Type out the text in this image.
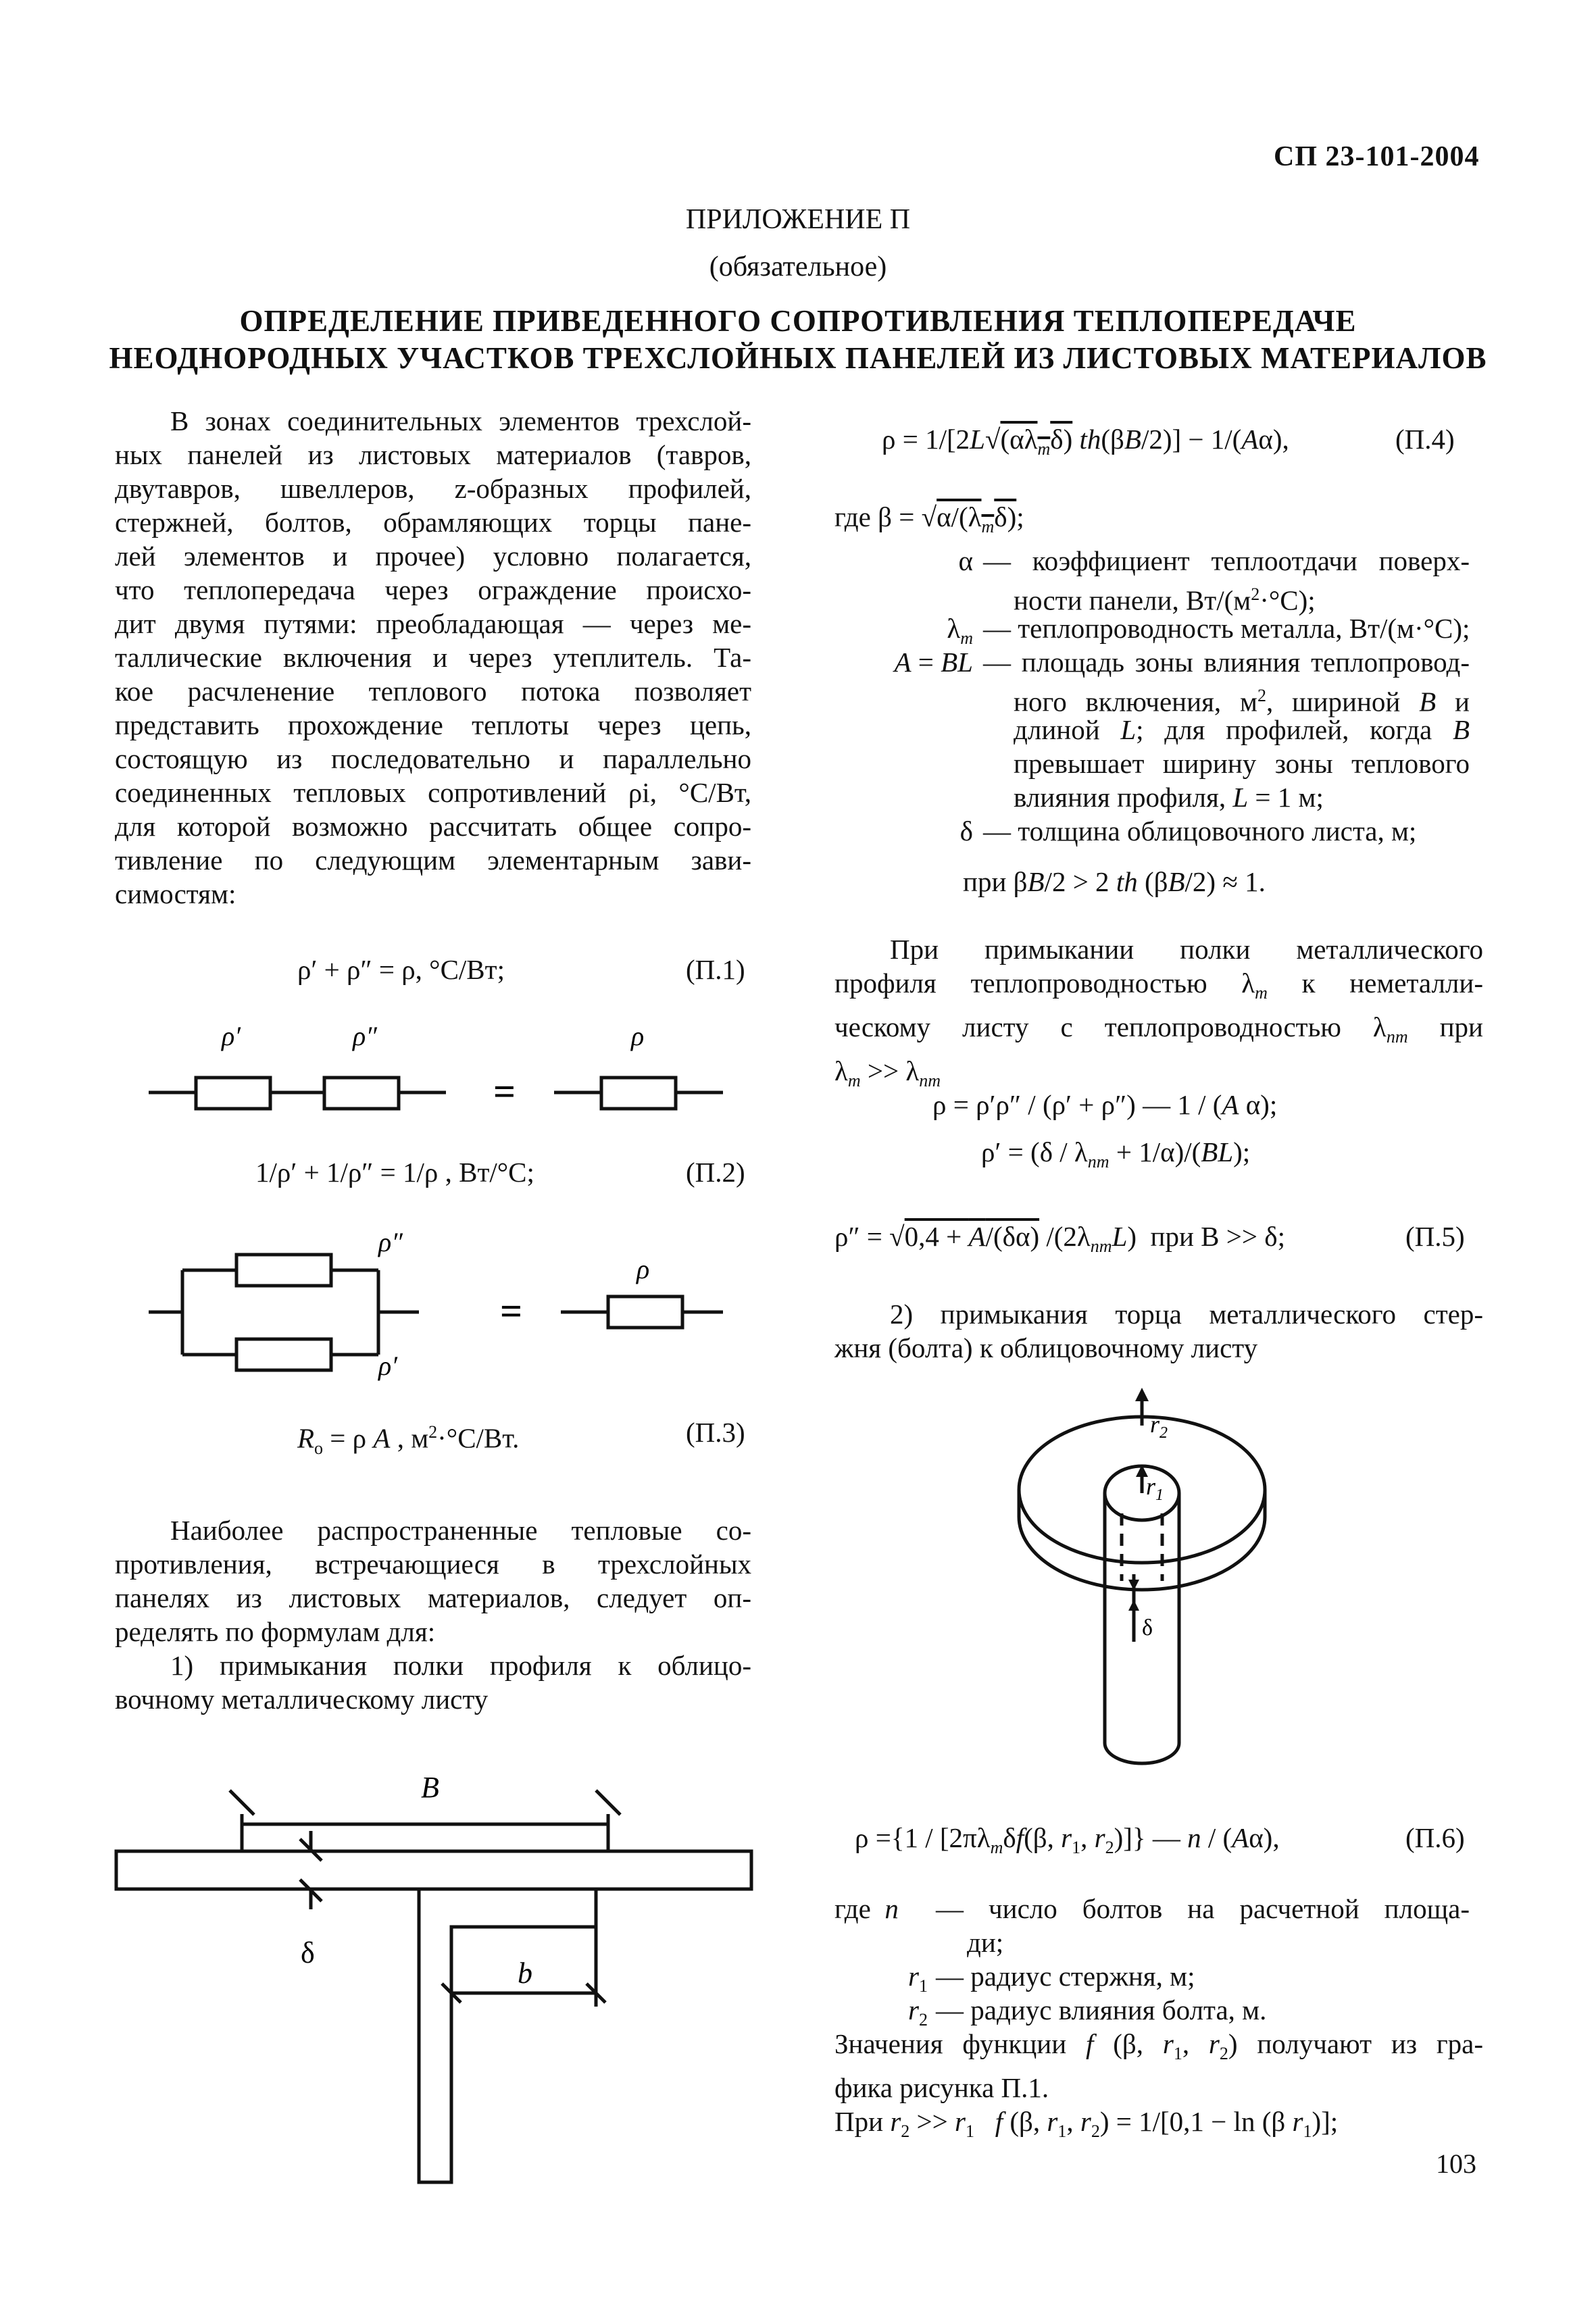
СП 23-101-2004
ПРИЛОЖЕНИЕ П
(обязательное)
ОПРЕДЕЛЕНИЕ ПРИВЕДЕННОГО СОПРОТИВЛЕНИЯ ТЕПЛОПЕРЕДАЧЕ
НЕОДНОРОДНЫХ УЧАСТКОВ ТРЕХСЛОЙНЫХ ПАНЕЛЕЙ ИЗ ЛИСТОВЫХ МАТЕРИАЛОВ
В зонах соединительных элементов трехслой-
ных панелей из листовых материалов (тавров,
двутавров, швеллеров, z-образных профилей,
стержней, болтов, обрамляющих торцы пане-
лей элементов и прочее) условно полагается,
что теплопередача через ограждение происхо-
дит двумя путями: преобладающая — через ме-
таллические включения и через утеплитель. Та-
кое расчленение теплового потока позволяет
представить прохождение теплоты через цепь,
состоящую из последовательно и параллельно
соединенных тепловых сопротивлений ρi, °С/Вт,
для которой возможно рассчитать общее сопро-
тивление по следующим элементарным зави-
симостям:
ρ′ + ρ″ = ρ, °С/Вт;	(П.1)
ρ′	ρ″	ρ
=
1/ρ′ + 1/ρ″ = 1/ρ , Вт/°С;	(П.2)
ρ″
ρ′
ρ
=
$R_о = \rho$ A , $м^2\cdot^\circ С/Вт$.	(П.3)
Наиболее распространенные тепловые со-
противления, встречающиеся в трехслойных
панелях из листовых материалов, следует оп-
ределять по формулам для:
1) примыкания полки профиля к облицо-
вочному металлическому листу
B
δ
b
$\rho = 1/[2L√(\alpha\lambda_m\delta) th(\beta B/2)] - 1/(A\alpha)$,	(П.4)
где $\beta = √\alpha/(\lambda_m\delta)$;
α — коэффициент теплоотдачи поверх-
ности панели, $Вт/(м^2\cdot^\circ С)$;
$\lambda_m$ — теплопроводность металла, Вт/(м·°С);
A = BL — площадь зоны влияния теплопровод-
ного включения, $м^2$, шириной B и
длиной L; для профилей, когда B
превышает ширину зоны теплового
влияния профиля, L = 1 м;
δ — толщина облицовочного листа, м;
при βB/2 > 2 th (βB/2) ≈ 1.
При примыкании полки металлического
профиля теплопроводностью $\lambda_m$ к неметалли-
ческому листу с теплопроводностью $\lambda_{nm}$ при
$\lambda_m >> \lambda_{nm}$
ρ = ρ′ρ″ / (ρ′ + ρ″) — 1 / (A α);
$\rho' = (\delta / \lambda_{nm} + 1/\alpha)/(BL)$;
ρ″ = √0,4 + A/(δα) $/(2\lambda_{nm}L)$  при B >> δ;	(П.5)
2) примыкания торца металлического стер-
жня (болта) к облицовочному листу
$r_2$
$r_1$
δ
$\rho =\{1 / [2\pi\lambda_m\delta f(\beta$, $r_1$, $r_2$)]} — n / (Aα),	(П.6)
где  n	— число болтов на расчетной площа-
ди;
$r_1$ — радиус стержня, м;
$r_2$ — радиус влияния болта, м.
Значения функции f (β, $r_1$, $r_2$) получают из гра-
фика рисунка П.1.
При $r_2 >> r_1$ f (β, $r_1$, $r_2) = 1/[0,1 - \ln (\beta$ $r_1$)];
103
